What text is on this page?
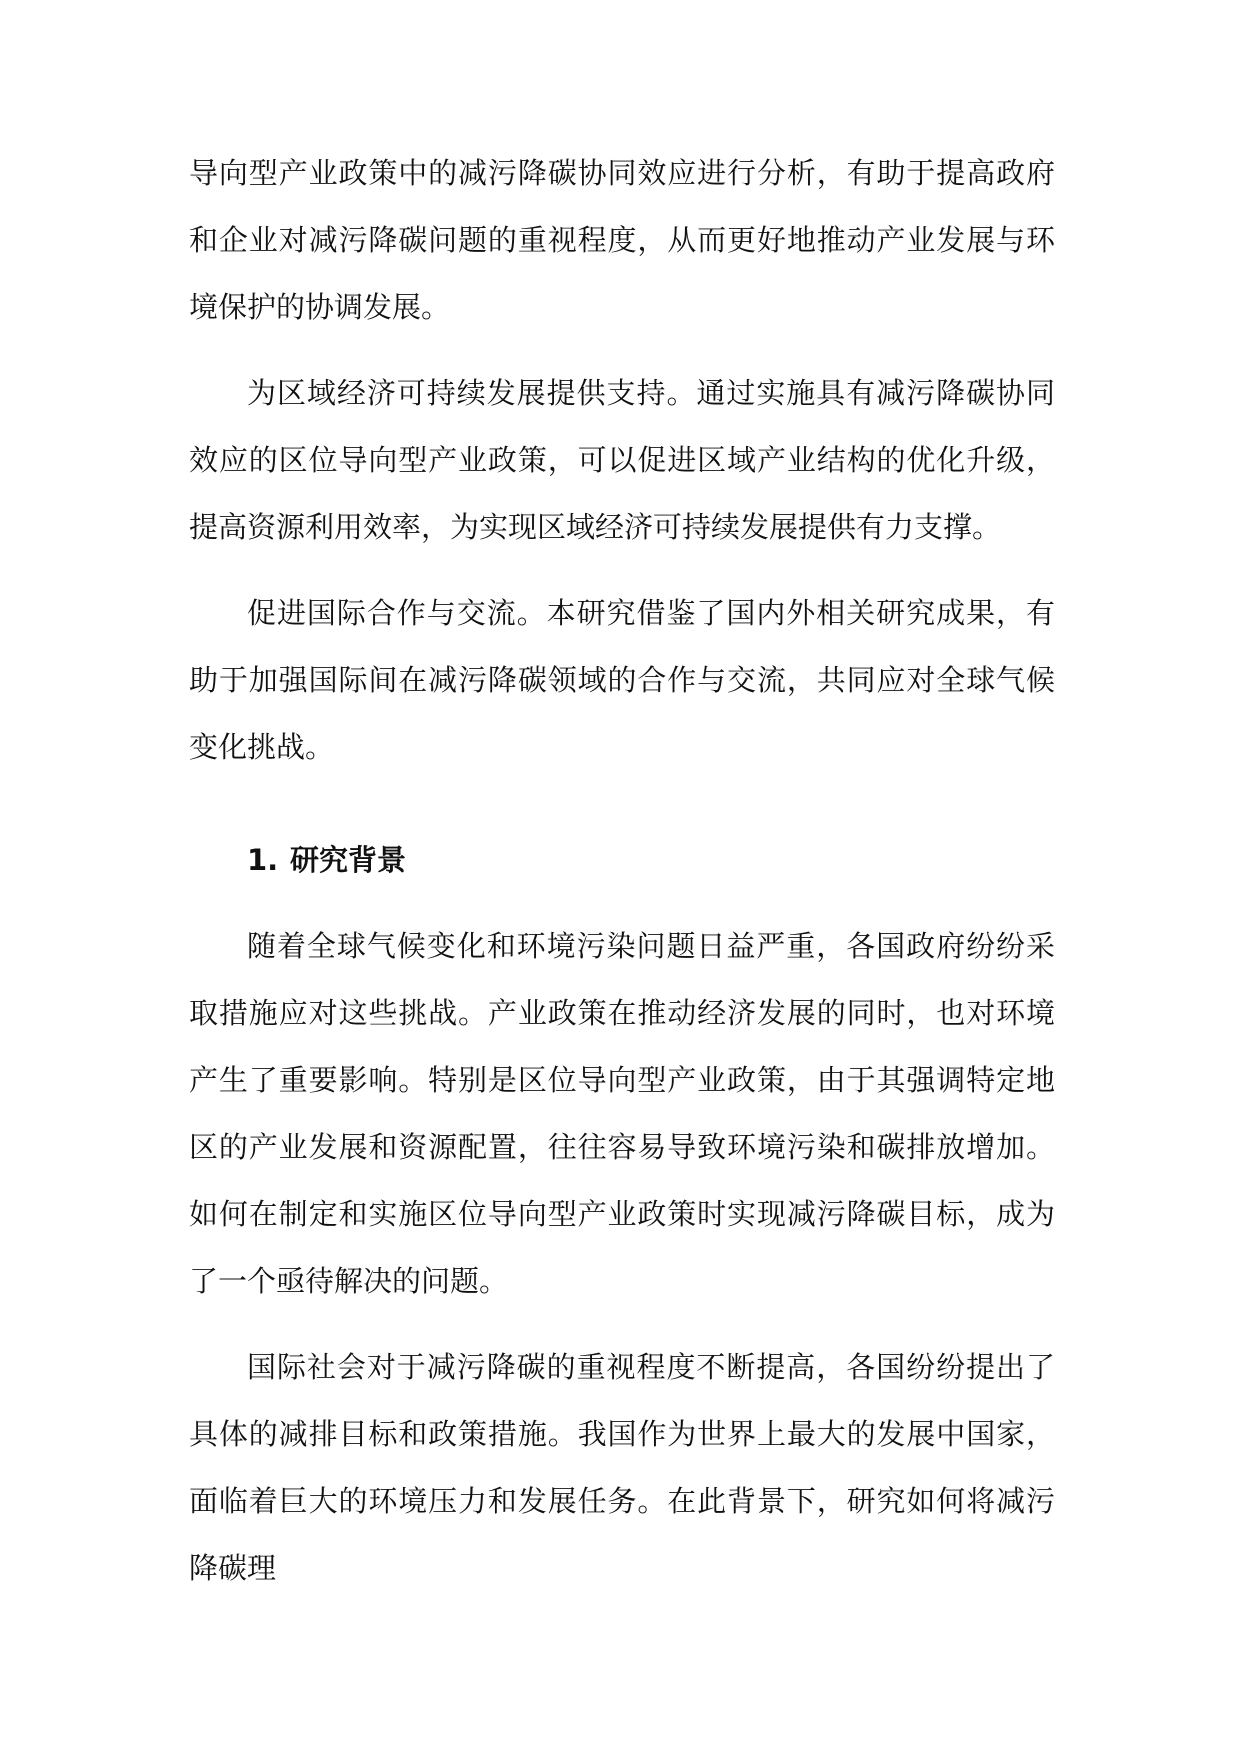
导向型产业政策中的减污降碳协同效应进行分析，有助于提高政府和企业对减污降碳问题的重视程度，从而更好地推动产业发展与环境保护的协调发展。

为区域经济可持续发展提供支持。通过实施具有减污降碳协同效应的区位导向型产业政策，可以促进区域产业结构的优化升级，提高资源利用效率，为实现区域经济可持续发展提供有力支撑。

促进国际合作与交流。本研究借鉴了国内外相关研究成果，有助于加强国际间在减污降碳领域的合作与交流，共同应对全球气候变化挑战。

1. 研究背景

随着全球气候变化和环境污染问题日益严重，各国政府纷纷采取措施应对这些挑战。产业政策在推动经济发展的同时，也对环境产生了重要影响。特别是区位导向型产业政策，由于其强调特定地区的产业发展和资源配置，往往容易导致环境污染和碳排放增加。如何在制定和实施区位导向型产业政策时实现减污降碳目标，成为了一个亟待解决的问题。

国际社会对于减污降碳的重视程度不断提高，各国纷纷提出了具体的减排目标和政策措施。我国作为世界上最大的发展中国家，面临着巨大的环境压力和发展任务。在此背景下，研究如何将减污降碳理
